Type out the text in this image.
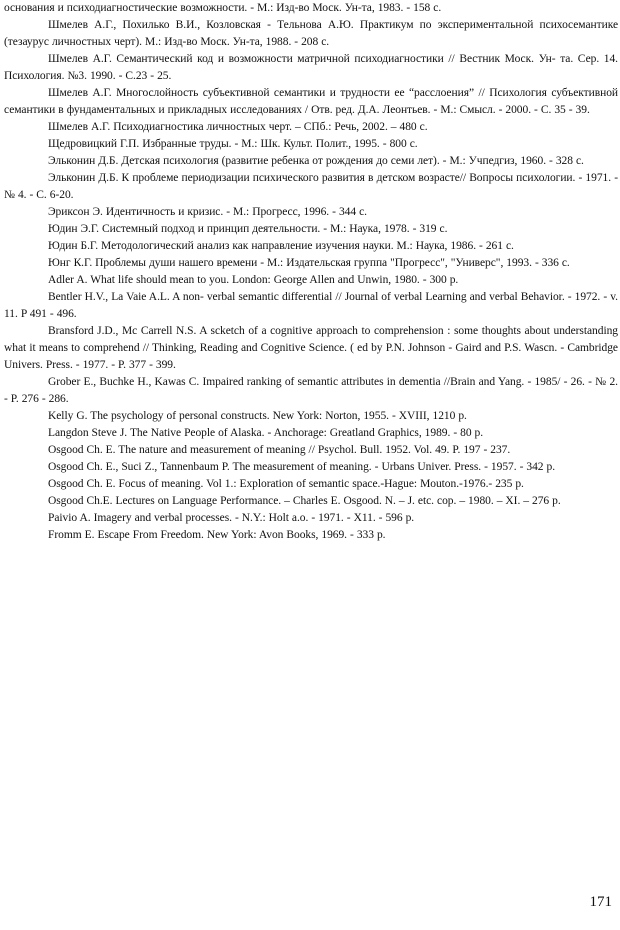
основания и психодиагностические возможности. - М.: Изд-во Моск. Ун-та, 1983. - 158 с.

Шмелев А.Г., Похилько В.И., Козловская - Тельнова А.Ю. Практикум по экспериментальной психосемантике (тезаурус личностных черт). М.: Изд-во Моск. Ун-та, 1988. - 208 с.

Шмелев А.Г. Семантический код и возможности матричной психодиагностики // Вестник Моск. Ун- та. Сер. 14. Психология. №3. 1990. - С.23 - 25.

Шмелев А.Г. Многослойность субъективной семантики и трудности ее “расслоения” // Психология субъективной семантики в фундаментальных и прикладных исследованиях / Отв. ред. Д.А. Леонтьев. - М.: Смысл. - 2000. - С. 35 - 39.

Шмелев А.Г. Психодиагностика личностных черт. – СПб.: Речь, 2002. – 480 с.

Щедровицкий Г.П. Избранные труды. - М.: Шк. Культ. Полит., 1995. - 800 с.

Эльконин Д.Б. Детская психология (развитие ребенка от рождения до семи лет). - М.: Учпедгиз, 1960. - 328 с.

Эльконин Д.Б. К проблеме периодизации психического развития в детском возрасте// Вопросы психологии. - 1971. - № 4. - С. 6-20.

Эриксон Э. Идентичность и кризис. - М.: Прогресс, 1996. - 344 с.

Юдин Э.Г. Системный подход и принцип деятельности. - М.: Наука, 1978. - 319 с.

Юдин Б.Г. Методологический анализ как направление изучения науки. М.: Наука, 1986. - 261 с.

Юнг К.Г. Проблемы души нашего времени - М.: Издательская группа "Прогресс", "Универс", 1993. - 336 с.

Adler A. What life should mean to you. London: George Allen and Unwin, 1980. - 300 p.

Bentler H.V., La Vaie A.L. A non- verbal semantic differential // Journal of verbal Learning and verbal Behavior. - 1972. - v. 11. P 491 - 496.

Bransford J.D., Mc Carrell N.S. A scketch of a cognitive approach to comprehension : some thoughts about understanding what it means to comprehend // Thinking, Reading and Cognitive Science. ( ed by P.N. Johnson - Gaird and P.S. Wascn. - Cambridge Univers. Press. - 1977. - P. 377 - 399.

Grober E., Buchke H., Kawas C. Impaired ranking of semantic attributes in dementia //Brain and Yang. - 1985/ - 26. - № 2. - P. 276 - 286.

Kelly G. The psychology of personal constructs. New York: Norton, 1955. - XVIII, 1210 p.

Langdon Steve J. The Native People of Alaska. - Anchorage: Greatland Graphics, 1989. - 80 p.

Osgood Ch. E. The nature and measurement of meaning // Psychol. Bull. 1952. Vol. 49. P. 197 - 237.

Osgood Ch. E., Suci Z., Tannenbaum P. The measurement of meaning. - Urbans Univer. Press. - 1957. - 342 p.

Osgood Ch. E. Focus of meaning. Vol 1.: Exploration of semantic space.-Hague: Mouton.-1976.- 235 p.

Osgood Ch.E. Lectures on Language Performance. – Charles E. Osgood. N. – J. etc. cop. – 1980. – XI. – 276 p.

Paivio A. Imagery and verbal processes. - N.Y.: Holt a.o. - 1971. - X11. - 596 p.

Fromm E. Escape From Freedom. New York: Avon Books, 1969. - 333 p.

171
